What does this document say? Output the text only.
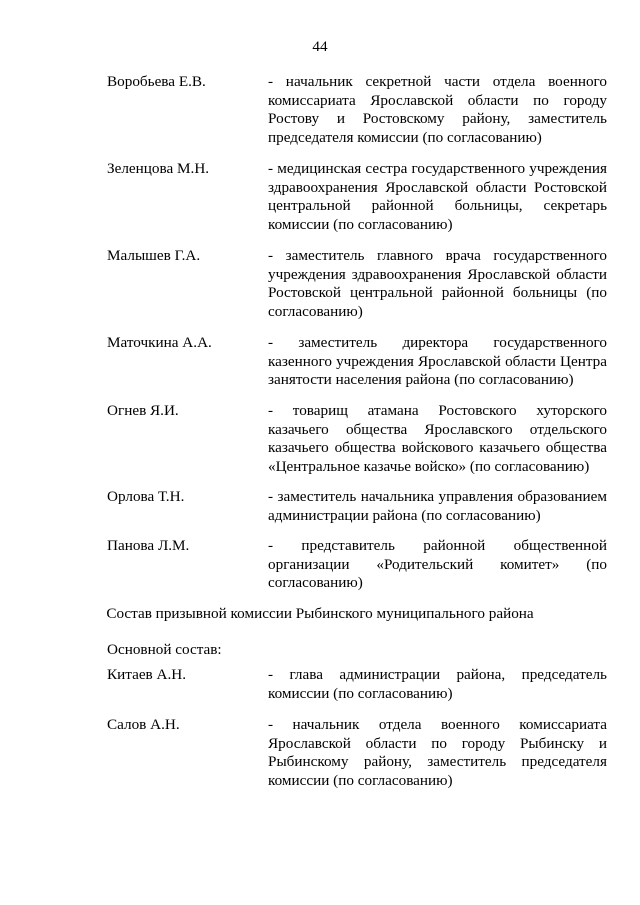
44
Воробьева Е.В.	- начальник секретной части отдела военного комиссариата Ярославской области по городу Ростову и Ростовскому району, заместитель председателя комиссии (по согласованию)
Зеленцова М.Н.	- медицинская сестра государственного учреждения здравоохранения Ярославской области Ростовской центральной районной больницы, секретарь комиссии (по согласованию)
Малышев Г.А.	- заместитель главного врача государственного учреждения здравоохранения Ярославской области Ростовской центральной районной больницы (по согласованию)
Маточкина А.А.	- заместитель директора государственного казенного учреждения Ярославской области Центра занятости населения района (по согласованию)
Огнев Я.И.	- товарищ атамана Ростовского хуторского казачьего общества Ярославского отдельского казачьего общества войскового казачьего общества «Центральное казачье войско» (по согласованию)
Орлова Т.Н.	- заместитель начальника управления образованием администрации района (по согласованию)
Панова Л.М.	- представитель районной общественной организации «Родительский комитет» (по согласованию)
Состав призывной комиссии Рыбинского муниципального района
Основной состав:
Китаев А.Н.	- глава администрации района, председатель комиссии (по согласованию)
Салов А.Н.	- начальник отдела военного комиссариата Ярославской области по городу Рыбинску и Рыбинскому району, заместитель председателя комиссии (по согласованию)
